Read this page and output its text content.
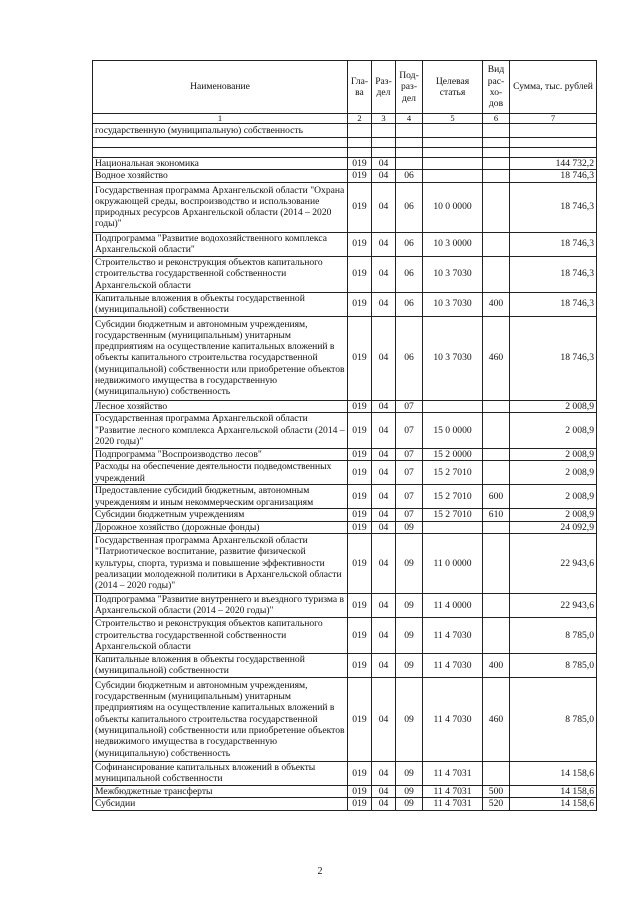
Наименование	Гла-ва	Раз-дел	Под-раз-дел	Целевая статья	Вид рас-хо-дов	Сумма, тыс. рублей
1	2	3	4	5	6	7
государственную (муниципальную) собственность						

Национальная экономика	019	04				144 732,2
Водное хозяйство	019	04	06			18 746,3
Государственная программа Архангельской области "Охрана окружающей среды, воспроизводство и использование природных ресурсов Архангельской области (2014 – 2020 годы)"	019	04	06	10 0 0000		18 746,3
Подпрограмма "Развитие водохозяйственного комплекса Архангельской области"	019	04	06	10 3 0000		18 746,3
Строительство и реконструкция объектов капитального строительства государственной собственности Архангельской области	019	04	06	10 3 7030		18 746,3
Капитальные вложения в объекты государственной (муниципальной) собственности	019	04	06	10 3 7030	400	18 746,3
Субсидии бюджетным и автономным учреждениям, государственным (муниципальным) унитарным предприятиям на осуществление капитальных вложений в объекты капитального строительства государственной (муниципальной) собственности или приобретение объектов недвижимого имущества в государственную (муниципальную) собственность	019	04	06	10 3 7030	460	18 746,3
Лесное хозяйство	019	04	07			2 008,9
Государственная программа Архангельской области "Развитие лесного комплекса Архангельской области (2014 – 2020 годы)"	019	04	07	15 0 0000		2 008,9
Подпрограмма "Воспроизводство лесов"	019	04	07	15 2 0000		2 008,9
Расходы на обеспечение деятельности подведомственных учреждений	019	04	07	15 2 7010		2 008,9
Предоставление субсидий бюджетным, автономным учреждениям и иным некоммерческим организациям	019	04	07	15 2 7010	600	2 008,9
Субсидии бюджетным учреждениям	019	04	07	15 2 7010	610	2 008,9
Дорожное хозяйство (дорожные фонды)	019	04	09			24 092,9
Государственная программа Архангельской области "Патриотическое воспитание, развитие физической культуры, спорта, туризма и повышение эффективности реализации молодежной политики в Архангельской области (2014 – 2020 годы)"	019	04	09	11 0 0000		22 943,6
Подпрограмма "Развитие внутреннего и въездного туризма в Архангельской области (2014 – 2020 годы)"	019	04	09	11 4 0000		22 943,6
Строительство и реконструкция объектов капитального строительства государственной собственности Архангельской области	019	04	09	11 4 7030		8 785,0
Капитальные вложения в объекты государственной (муниципальной) собственности	019	04	09	11 4 7030	400	8 785,0
Субсидии бюджетным и автономным учреждениям, государственным (муниципальным) унитарным предприятиям на осуществление капитальных вложений в объекты капитального строительства государственной (муниципальной) собственности или приобретение объектов недвижимого имущества в государственную (муниципальную) собственность	019	04	09	11 4 7030	460	8 785,0
Софинансирование капитальных вложений в объекты муниципальной собственности	019	04	09	11 4 7031		14 158,6
Межбюджетные трансферты	019	04	09	11 4 7031	500	14 158,6
Субсидии	019	04	09	11 4 7031	520	14 158,6
2
